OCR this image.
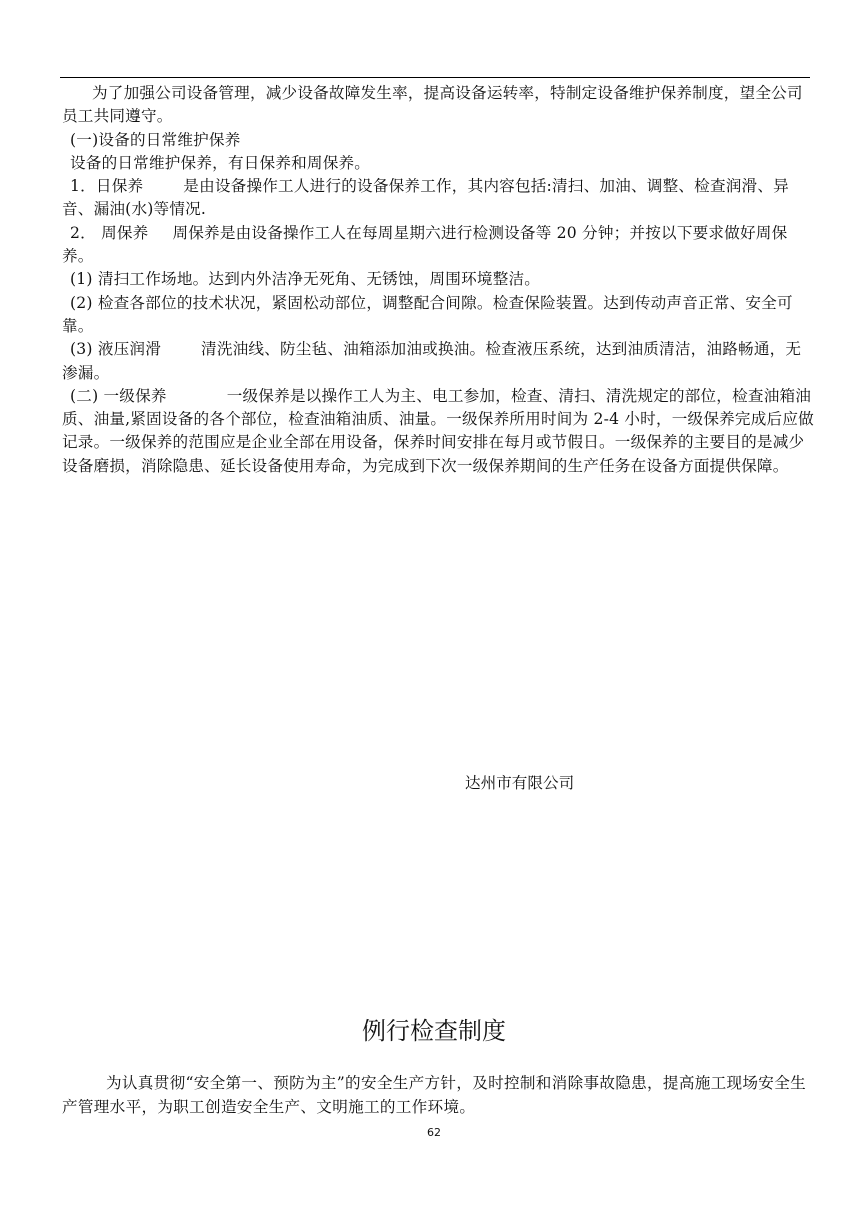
为了加强公司设备管理，减少设备故障发生率，提高设备运转率，特制定设备维护保养制度，望全公司员工共同遵守。

(一)设备的日常维护保养

设备的日常维护保养，有日保养和周保养。

1．日保养	是由设备操作工人进行的设备保养工作，其内容包括:清扫、加油、调整、检查润滑、异音、漏油(水)等情况.

2． 周保养 周保养是由设备操作工人在每周星期六进行检测设备等 20 分钟；并按以下要求做好周保养。

(1) 清扫工作场地。达到内外洁净无死角、无锈蚀，周围环境整洁。

(2) 检查各部位的技术状况，紧固松动部位，调整配合间隙。检查保险装置。达到传动声音正常、安全可靠。

(3) 液压润滑	清洗油线、防尘毡、油箱添加油或换油。检查液压系统，达到油质清洁，油路畅通，无渗漏。

(二) 一级保养	一级保养是以操作工人为主、电工参加，检查、清扫、清洗规定的部位，检查油箱油质、油量,紧固设备的各个部位，检查油箱油质、油量。一级保养所用时间为 2-4 小时，一级保养完成后应做记录。一级保养的范围应是企业全部在用设备，保养时间安排在每月或节假日。一级保养的主要目的是减少设备磨损，消除隐患、延长设备使用寿命，为完成到下次一级保养期间的生产任务在设备方面提供保障。

达州市有限公司
例行检查制度

为认真贯彻“安全第一、预防为主”的安全生产方针，及时控制和消除事故隐患，提高施工现场安全生产管理水平，为职工创造安全生产、文明施工的工作环境。

62
